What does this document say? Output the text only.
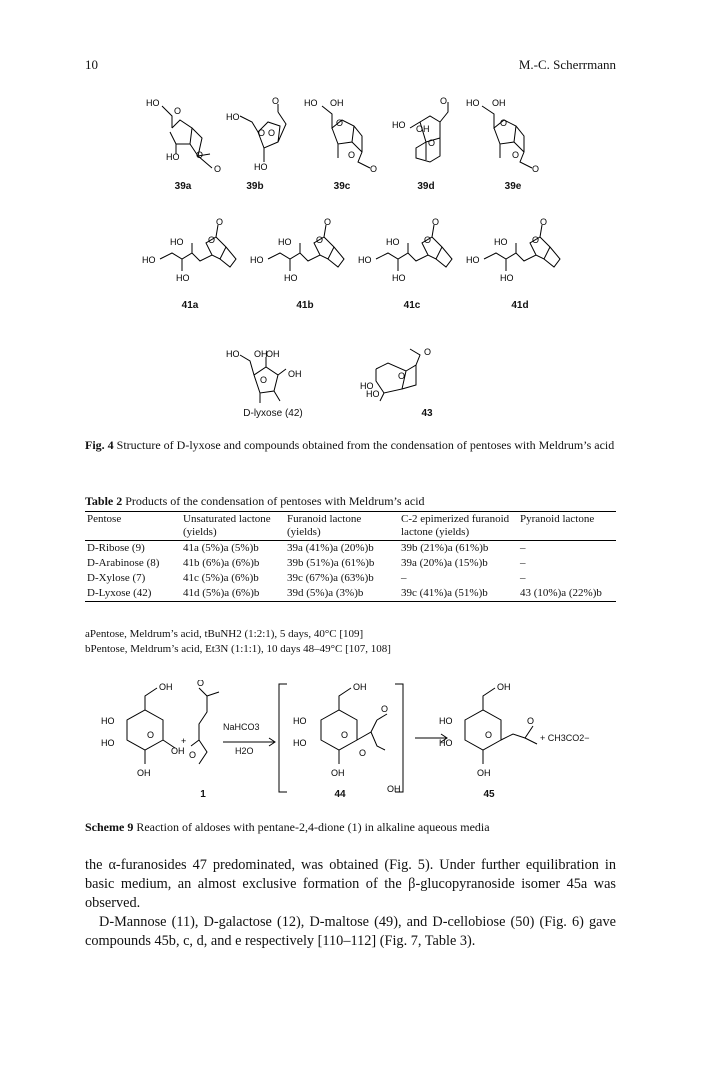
10	M.-C. Scherrmann
HO
O
HO O
O
HO
O
O O
HO
HO OH
O
O
O
HO OH
O
O HO OH
O
O
O
39a	39b	39c	39d	39e
HO	O
O
HO
HO
HO	O
O
HO
HO
HO	O
O
HO
HO
HO	O
O
HO
HO
41a	41b	41c	41d
HO OH
OH
O
OH
O
HO
HO
O
D-lyxose (42)	43
Fig. 4 Structure of D-lyxose and compounds obtained from the condensation of pentoses with Meldrum’s acid
Table 2 Products of the condensation of pentoses with Meldrum’s acid
Pentose	Unsaturated lactone (yields)	Furanoid lactone (yields)	C-2 epimerized furanoid lactone (yields)	Pyranoid lactone
D-Ribose (9)	41a (5%)a (5%)b	39a (41%)a (20%)b	39b (21%)a (61%)b	–
D-Arabinose (8)	41b (6%)a (6%)b	39b (51%)a (61%)b	39a (20%)a (15%)b	–
D-Xylose (7)	41c (5%)a (6%)b	39c (67%)a (63%)b	–	–
D-Lyxose (42)	41d (5%)a (6%)b	39d (5%)a (3%)b	39c (41%)a (51%)b	43 (10%)a (22%)b
aPentose, Meldrum’s acid, tBuNH2 (1:2:1), 5 days, 40°C [109]
bPentose, Meldrum’s acid, Et3N (1:1:1), 10 days 48–49°C [107, 108]
OH
HO
HO
O
OH
OH
+
O
O
OH
HO
HO
O
OH
O
O
OH
OH
HO
HO
O
OH
O
NaHCO3
H2O
1	44	45
+ CH3CO2−
Scheme 9 Reaction of aldoses with pentane-2,4-dione (1) in alkaline aqueous media
the α-furanosides 47 predominated, was obtained (Fig. 5). Under further equilibration in basic medium, an almost exclusive formation of the β-glucopyranoside isomer 45a was observed.
D-Mannose (11), D-galactose (12), D-maltose (49), and D-cellobiose (50) (Fig. 6) gave compounds 45b, c, d, and e respectively [110–112] (Fig. 7, Table 3).
